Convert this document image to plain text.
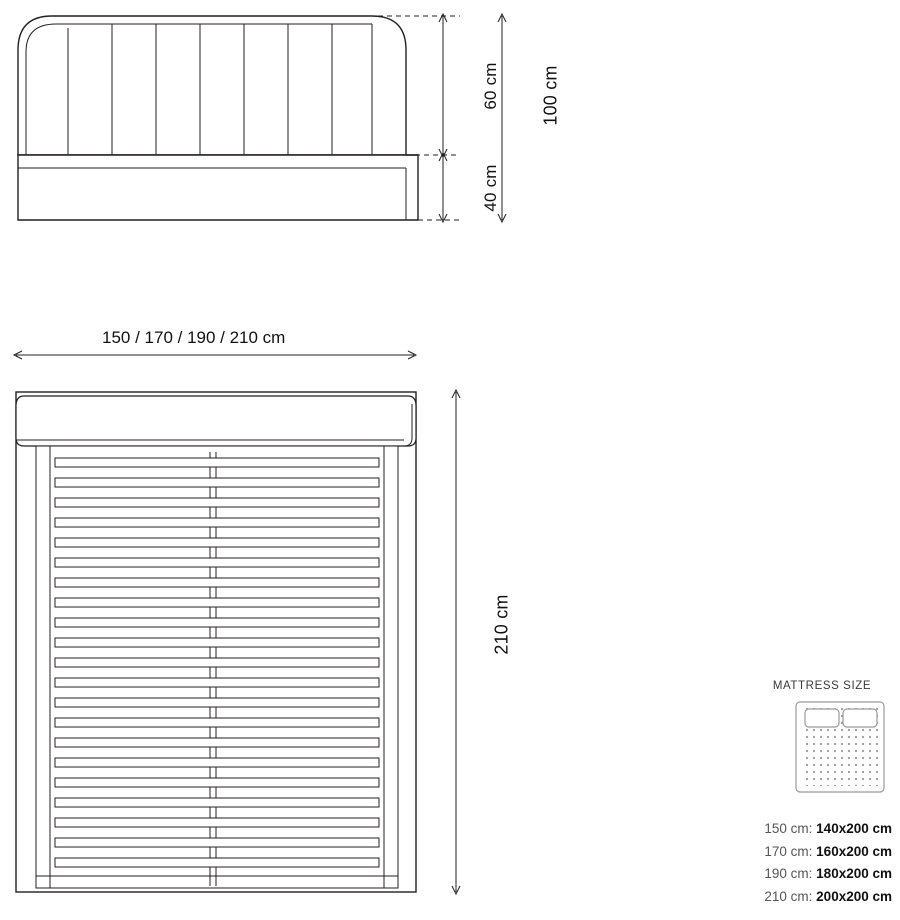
60 cm
40 cm
100 cm
150 / 170 / 190 / 210 cm
210 cm
MATTRESS SIZE
150 cm: 140x200 cm
170 cm: 160x200 cm
190 cm: 180x200 cm
210 cm: 200x200 cm
